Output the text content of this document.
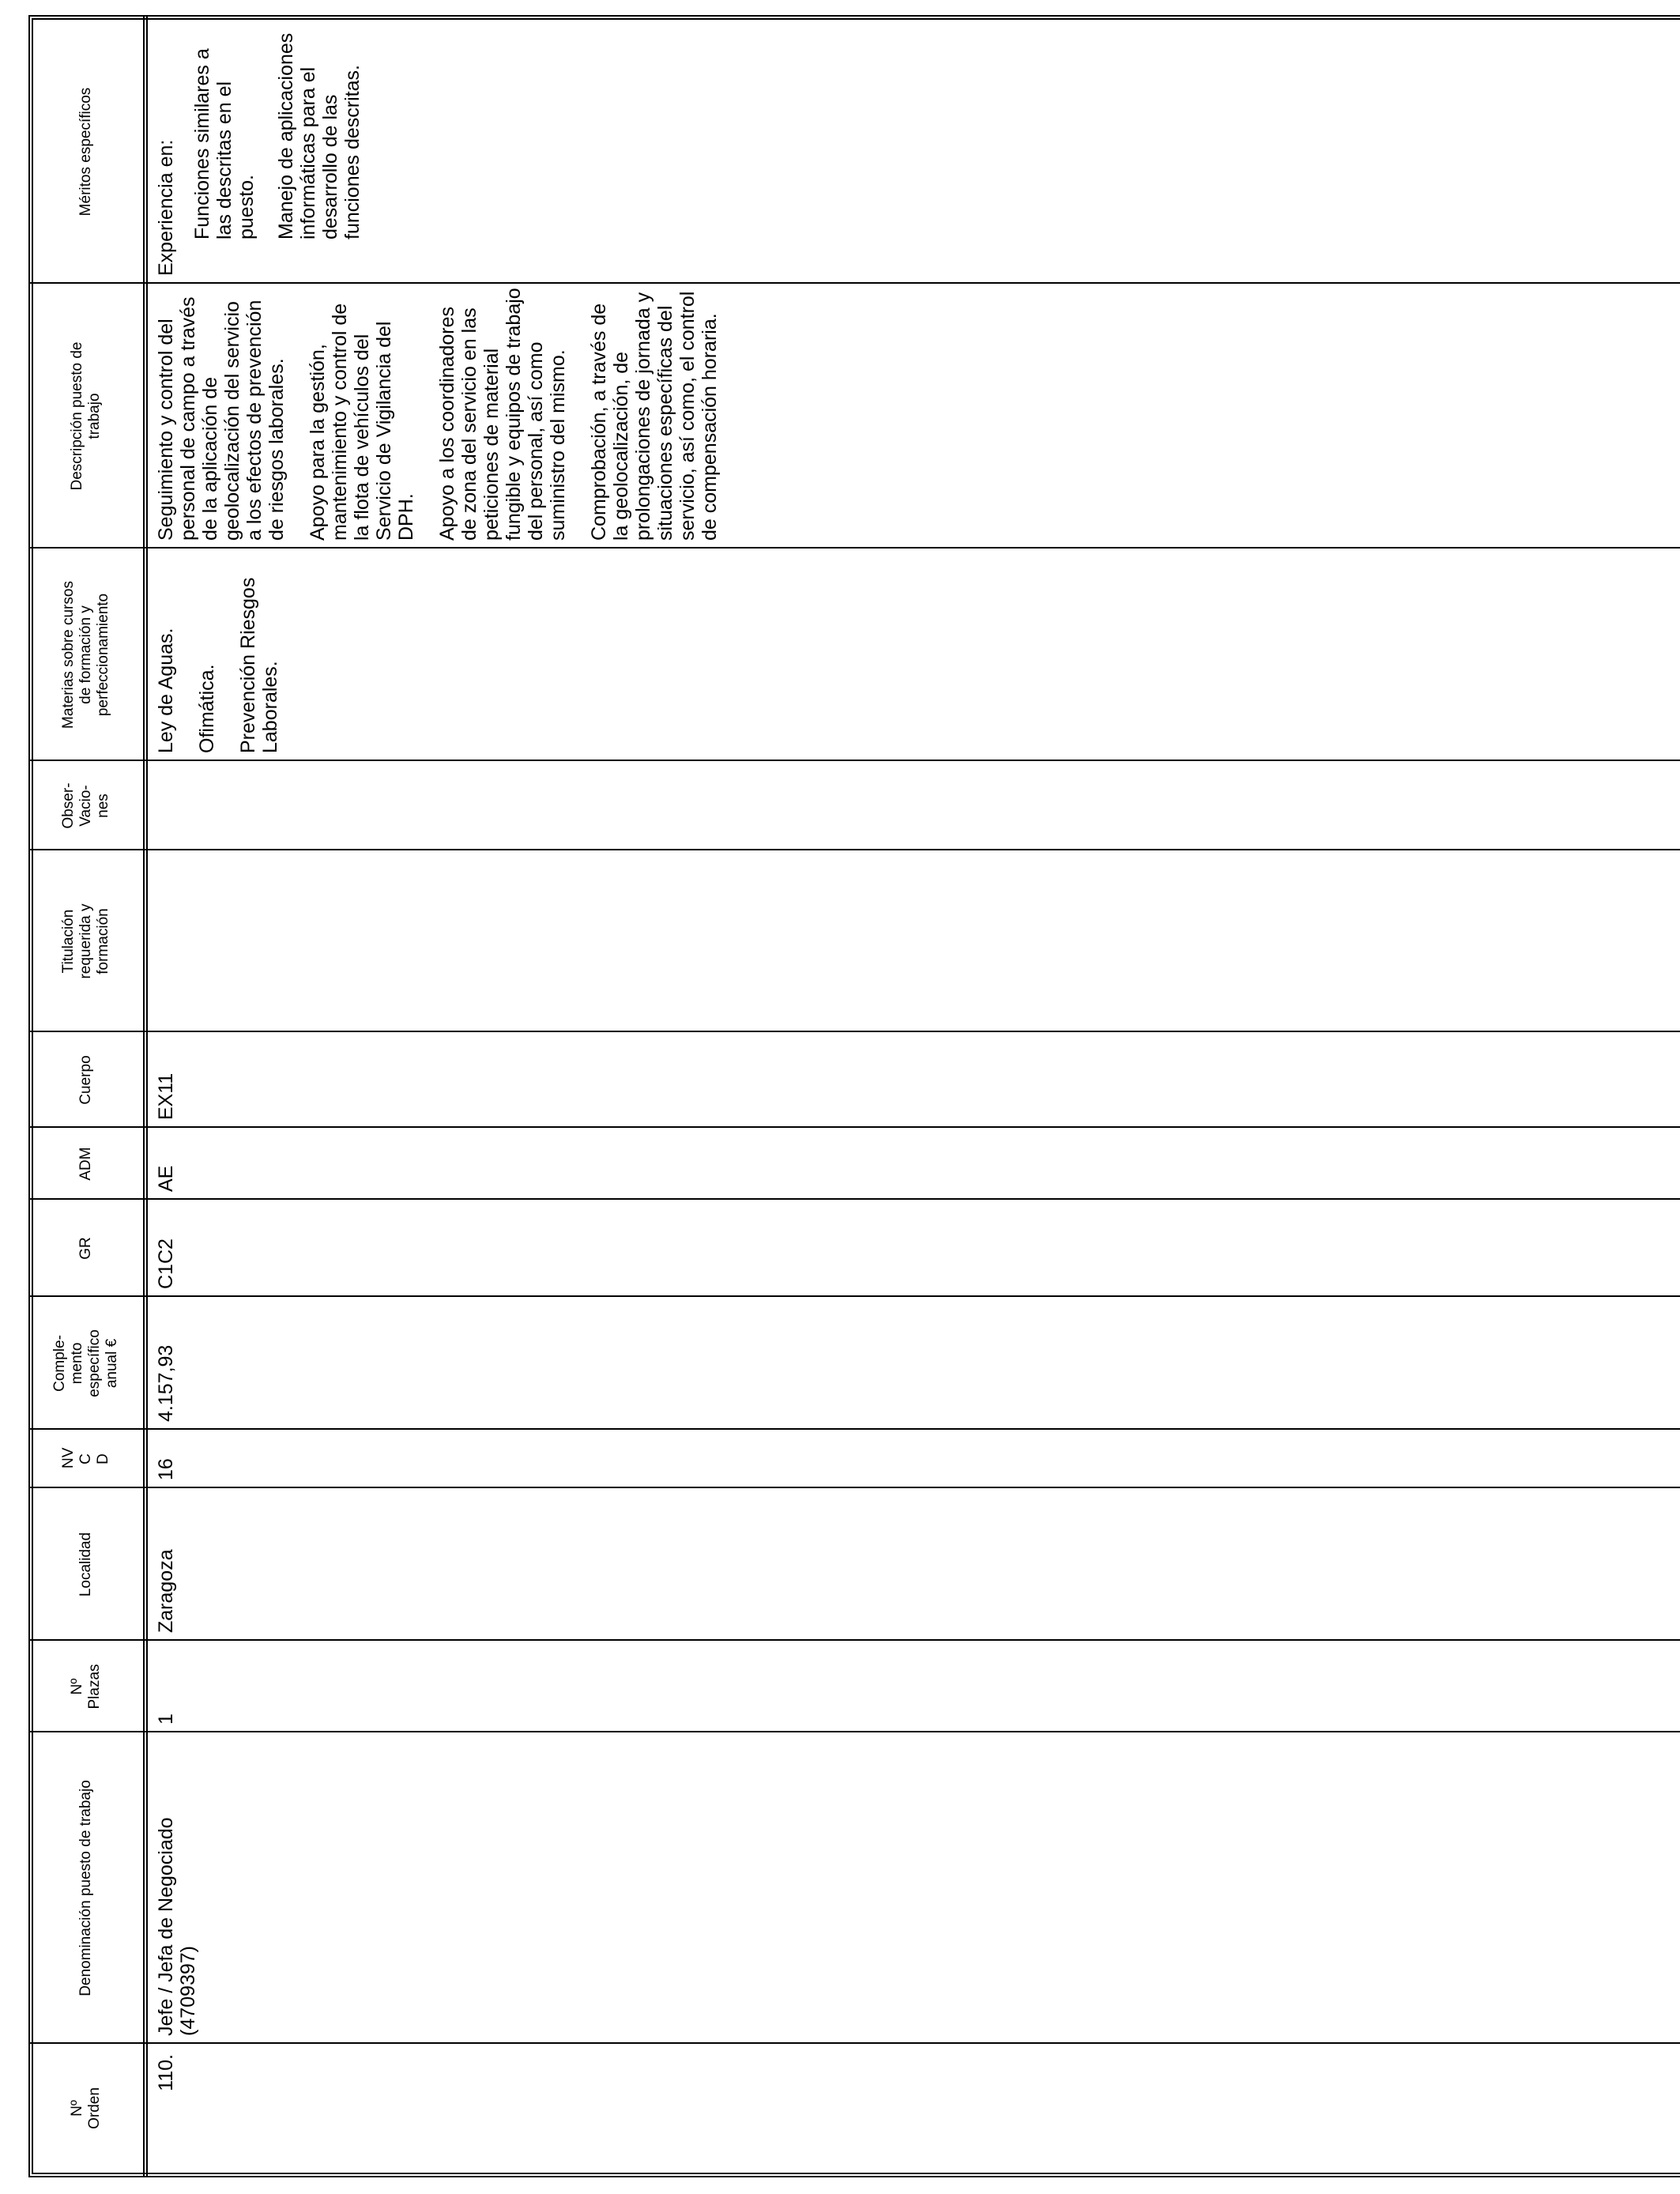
Nº Orden
Denominación puesto de trabajo
Nº Plazas
Localidad
NV C D
Comple- mento específico anual €
GR
ADM
Cuerpo
Titulación requerida y formación
Obser- Vacio- nes
Materias sobre cursos de formación y perfeccionamiento
Descripción puesto de trabajo
Méritos específicos
110.
Jefe / Jefa de Negociado (4709397)
1
Zaragoza
16
4.157,93
C1C2
AE
EX11

Ley de Aguas. Ofimática. Prevención Riesgos Laborales.

Seguimiento y control del personal de campo a través de la aplicación de geolocalización del servicio a los efectos de prevención de riesgos laborales. Apoyo para la gestión, mantenimiento y control de la flota de vehículos del Servicio de Vigilancia del DPH. Apoyo a los coordinadores de zona del servicio en las peticiones de material fungible y equipos de trabajo del personal, así como suministro del mismo. Comprobación, a través de la geolocalización, de prolongaciones de jornada y situaciones específicas del servicio, así como, el control de compensación horaria.

Experiencia en: Funciones similares a las descritas en el puesto. Manejo de aplicaciones informáticas para el desarrollo de las funciones descritas.
